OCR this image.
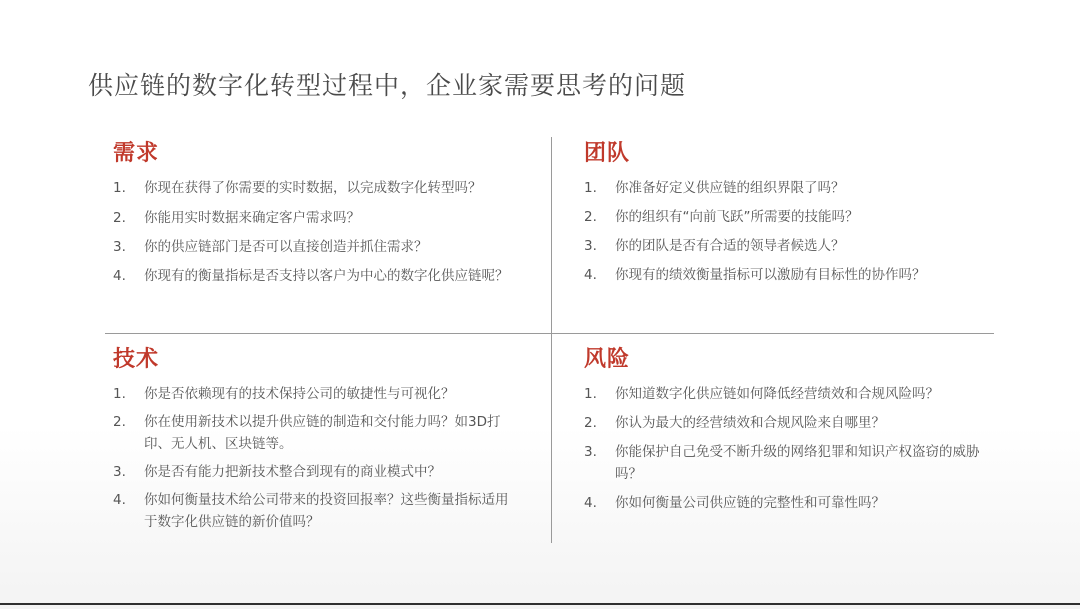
供应链的数字化转型过程中，企业家需要思考的问题
需求
1. 你现在获得了你需要的实时数据，以完成数字化转型吗？
2. 你能用实时数据来确定客户需求吗？
3. 你的供应链部门是否可以直接创造并抓住需求？
4. 你现有的衡量指标是否支持以客户为中心的数字化供应链呢？
团队
1. 你准备好定义供应链的组织界限了吗？
2. 你的组织有“向前飞跃”所需要的技能吗？
3. 你的团队是否有合适的领导者候选人？
4. 你现有的绩效衡量指标可以激励有目标性的协作吗？
技术
1. 你是否依赖现有的技术保持公司的敏捷性与可视化？
2. 你在使用新技术以提升供应链的制造和交付能力吗？如3D打印、无人机、区块链等。
3. 你是否有能力把新技术整合到现有的商业模式中？
4. 你如何衡量技术给公司带来的投资回报率？这些衡量指标适用于数字化供应链的新价值吗？
风险
1. 你知道数字化供应链如何降低经营绩效和合规风险吗？
2. 你认为最大的经营绩效和合规风险来自哪里？
3. 你能保护自己免受不断升级的网络犯罪和知识产权盗窃的威胁吗？
4. 你如何衡量公司供应链的完整性和可靠性吗？
